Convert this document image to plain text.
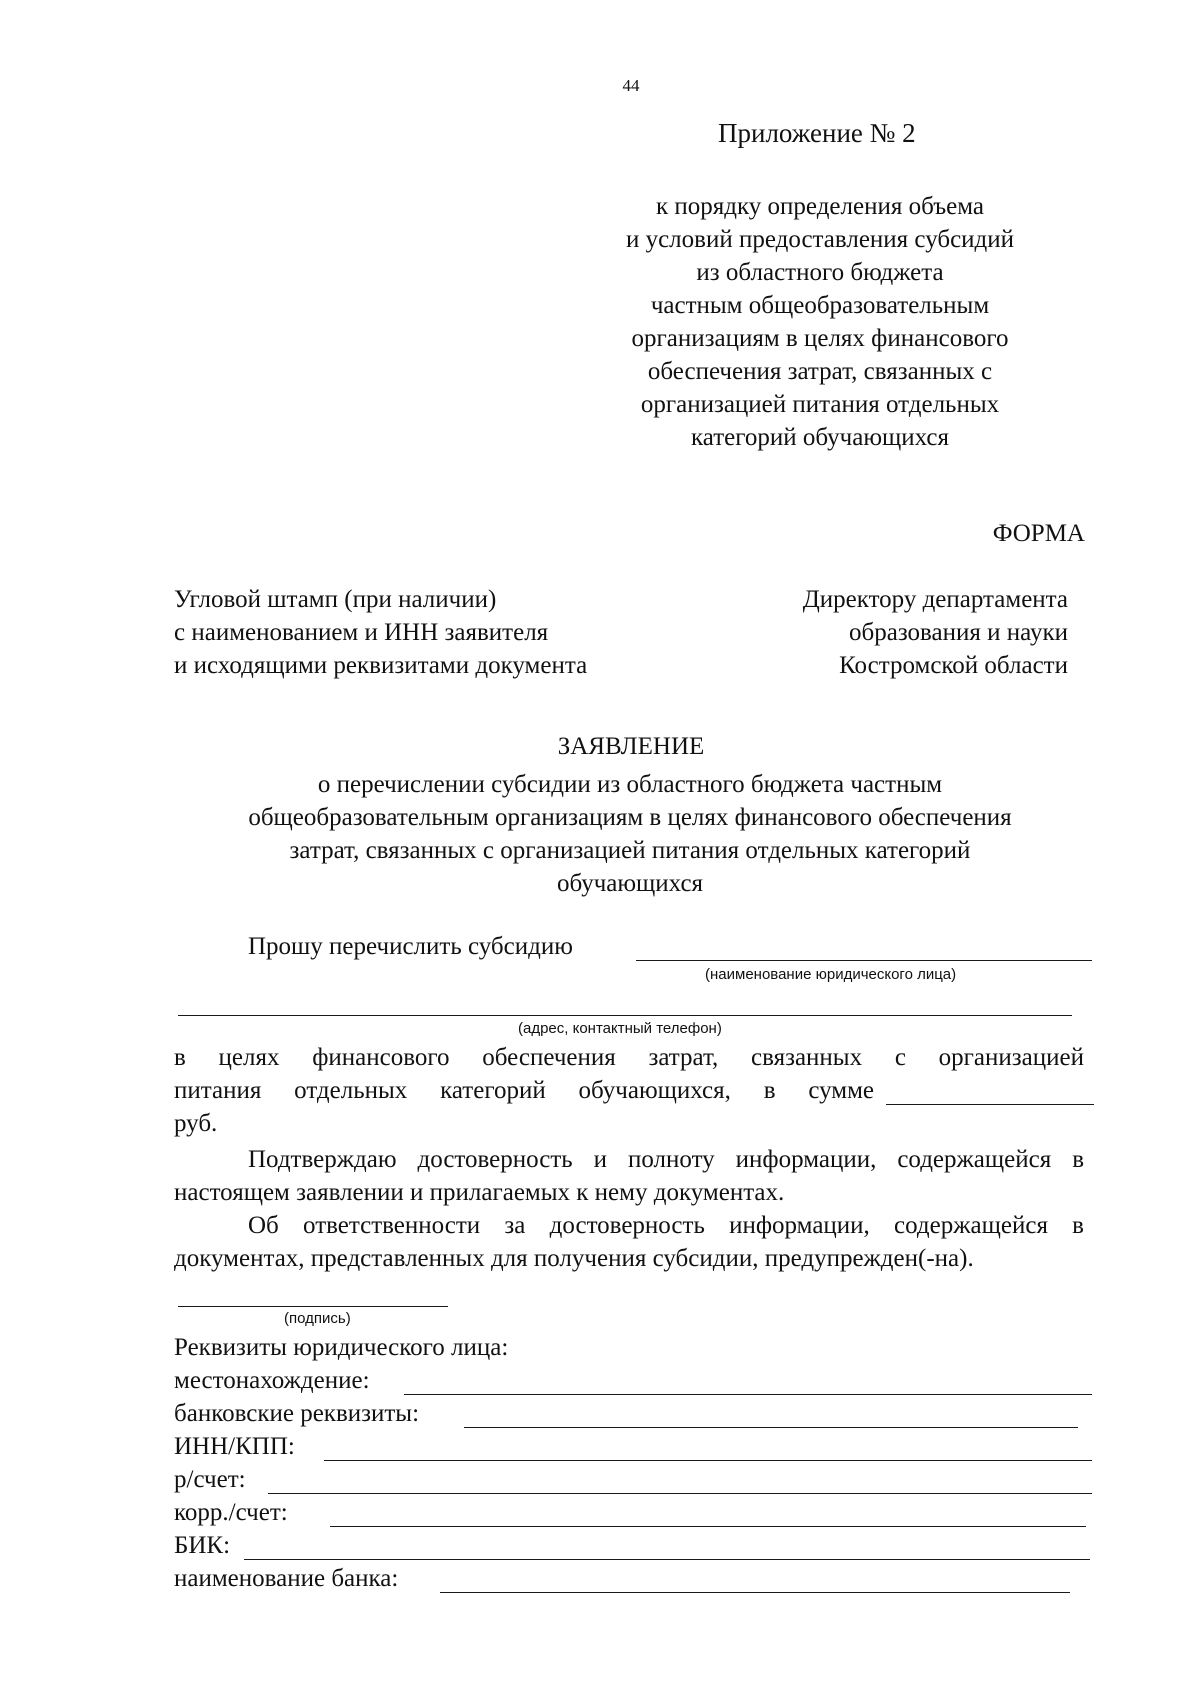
44
Приложение № 2
к порядку определения объема
и условий предоставления субсидий
из областного бюджета
частным общеобразовательным
организациям в целях финансового
обеспечения затрат, связанных с
организацией питания отдельных
категорий обучающихся
ФОРМА
Угловой штамп (при наличии)
с наименованием и ИНН заявителя
и исходящими реквизитами документа
Директору департамента
образования и науки
Костромской области
ЗАЯВЛЕНИЕ
о перечислении субсидии из областного бюджета частным
общеобразовательным организациям в целях финансового обеспечения
затрат, связанных с организацией питания отдельных категорий
обучающихся
Прошу перечислить субсидию
(наименование юридического лица)
(адрес, контактный телефон)
в целях финансового обеспечения затрат, связанных с организацией
питания отдельных категорий обучающихся, в сумме
руб.
Подтверждаю достоверность и полноту информации, содержащейся в настоящем заявлении и прилагаемых к нему документах.
Об ответственности за достоверность информации, содержащейся в документах, представленных для получения субсидии, предупрежден(-на).
(подпись)
Реквизиты юридического лица:
местонахождение:
банковские реквизиты:
ИНН/КПП:
р/счет:
корр./счет:
БИК:
наименование банка:
